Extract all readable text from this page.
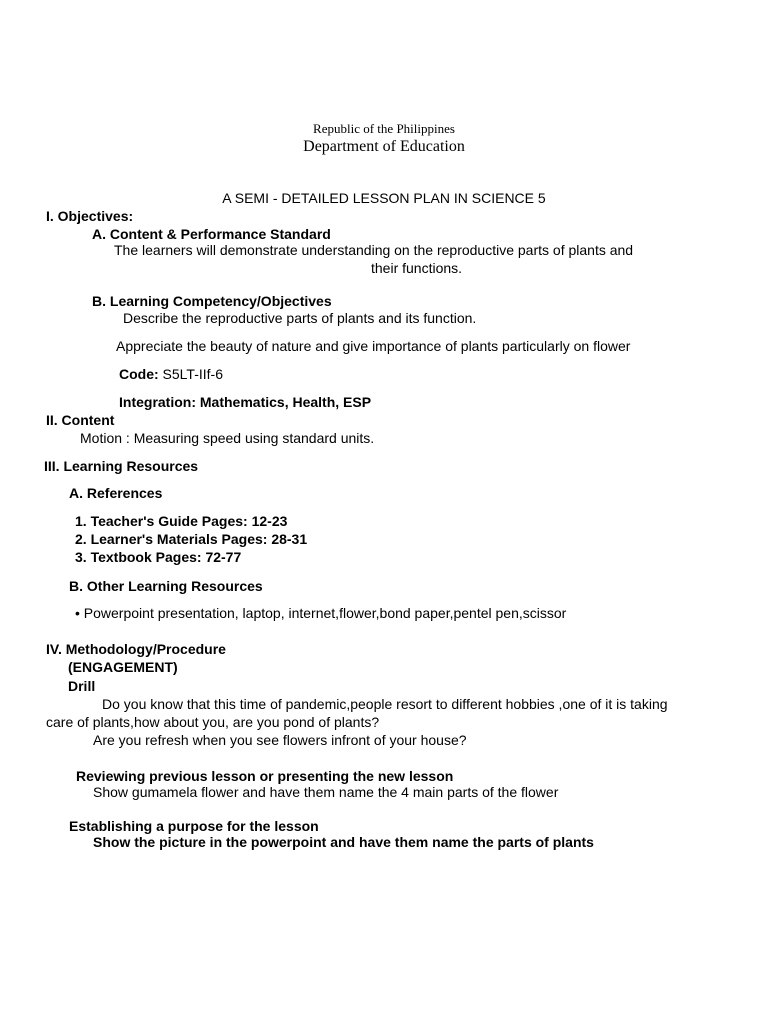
Republic of the Philippines
Department of Education
A SEMI - DETAILED LESSON PLAN IN SCIENCE 5
I. Objectives:
A. Content & Performance Standard
The learners will demonstrate understanding on the reproductive parts of plants and
their functions.
B. Learning Competency/Objectives
Describe the reproductive parts of plants and its function.
Appreciate the beauty of nature and give importance of plants particularly on flower
Code: S5LT-IIf-6
Integration: Mathematics, Health, ESP
II. Content
Motion : Measuring speed using standard units.
III. Learning Resources
A. References
1. Teacher's Guide Pages: 12-23
2. Learner's Materials Pages: 28-31
3. Textbook Pages: 72-77
B. Other Learning Resources
• Powerpoint presentation, laptop, internet,flower,bond paper,pentel pen,scissor
IV. Methodology/Procedure
(ENGAGEMENT)
Drill
Do you know that this time of pandemic,people resort to different hobbies ,one of it is taking
care of plants,how about you, are you pond of plants?
Are you refresh when you see flowers infront of your house?
Reviewing previous lesson or presenting the new lesson
Show gumamela flower and have them name the 4 main parts of the flower
Establishing a purpose for the lesson
Show the picture in the powerpoint and have them name the parts of plants
